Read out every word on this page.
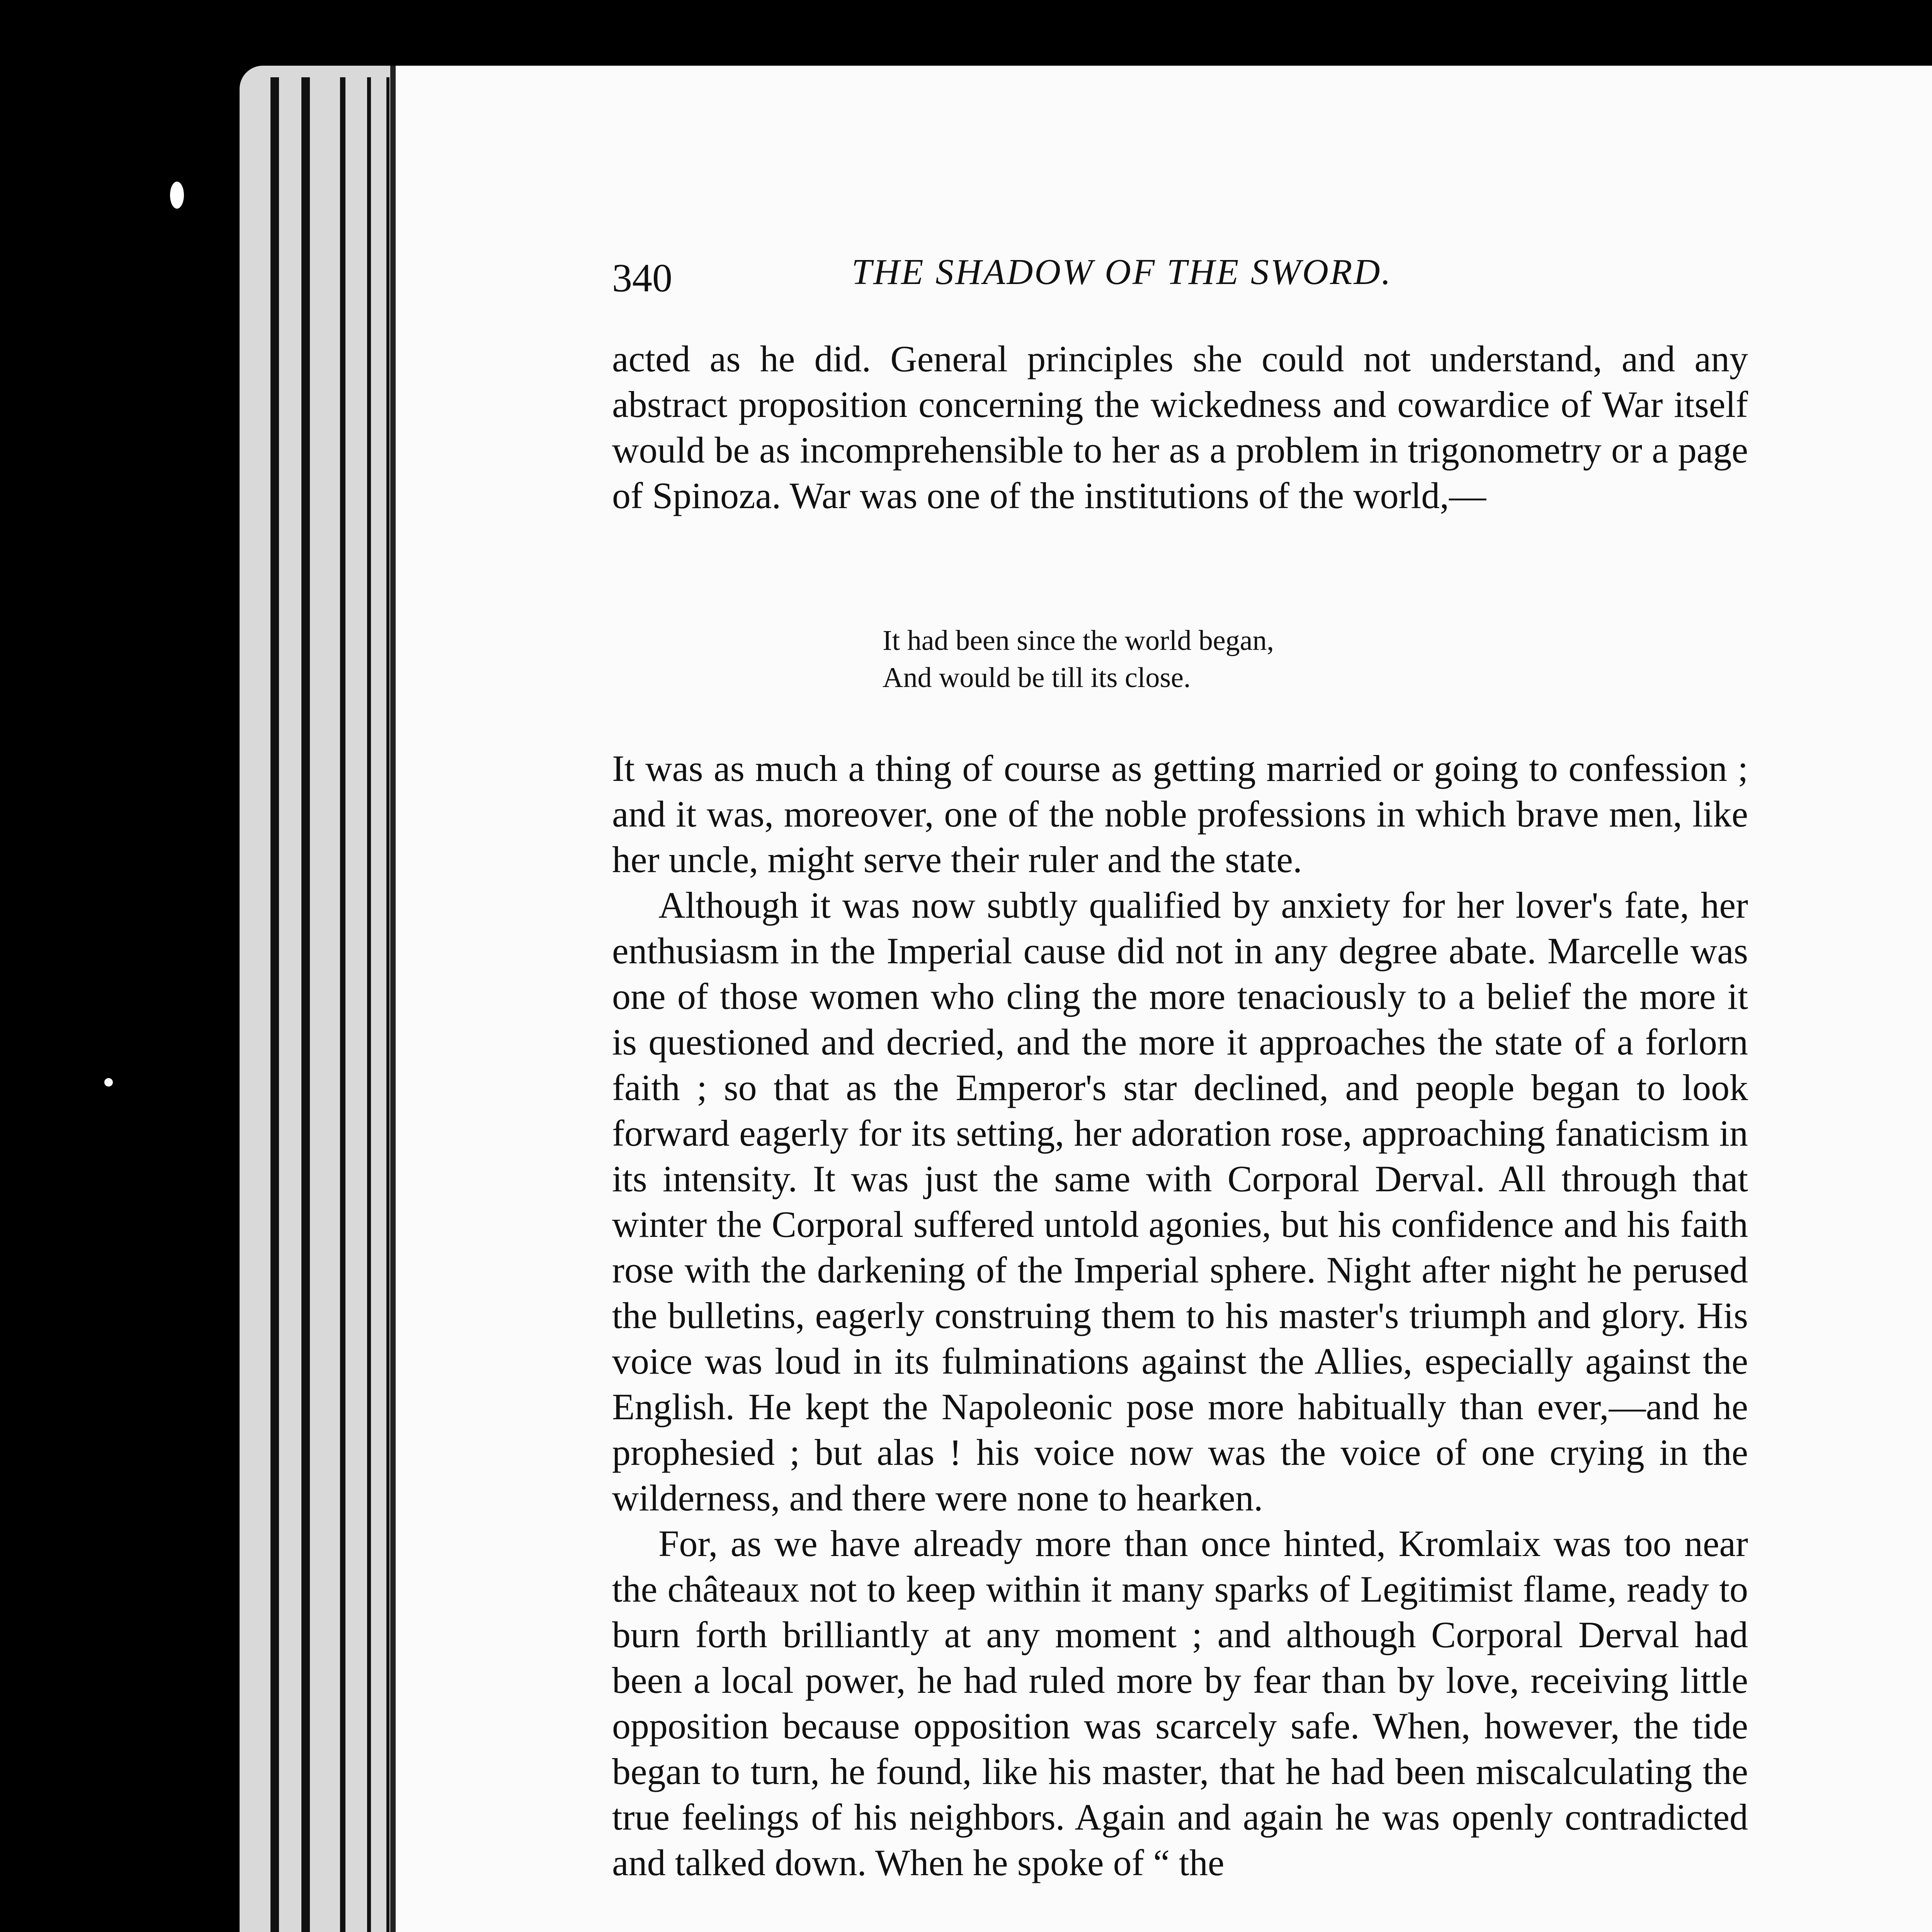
340	THE SHADOW OF THE SWORD.

acted as he did. General principles she could not understand, and any abstract proposition concerning the wickedness and cowardice of War itself would be as incomprehensible to her as a problem in trigonometry or a page of Spinoza. War was one of the institutions of the world,—

It had been since the world began,
And would be till its close.

It was as much a thing of course as getting married or going to confession ; and it was, moreover, one of the noble professions in which brave men, like her uncle, might serve their ruler and the state.

Although it was now subtly qualified by anxiety for her lover's fate, her enthusiasm in the Imperial cause did not in any degree abate. Marcelle was one of those women who cling the more tenaciously to a belief the more it is questioned and decried, and the more it approaches the state of a forlorn faith ; so that as the Emperor's star declined, and people began to look forward eagerly for its setting, her adoration rose, approaching fanaticism in its intensity. It was just the same with Corporal Derval. All through that winter the Corporal suffered untold agonies, but his confidence and his faith rose with the darkening of the Imperial sphere. Night after night he perused the bulletins, eagerly construing them to his master's triumph and glory. His voice was loud in its fulminations against the Allies, especially against the English. He kept the Napoleonic pose more habitually than ever,—and he prophesied ; but alas ! his voice now was the voice of one crying in the wilderness, and there were none to hearken.

For, as we have already more than once hinted, Kromlaix was too near the châteaux not to keep within it many sparks of Legitimist flame, ready to burn forth brilliantly at any moment ; and although Corporal Derval had been a local power, he had ruled more by fear than by love, receiving little opposition because opposition was scarcely safe. When, however, the tide began to turn, he found, like his master, that he had been miscalculating the true feelings of his neighbors. Again and again he was openly contradicted and talked down. When he spoke of “ the
